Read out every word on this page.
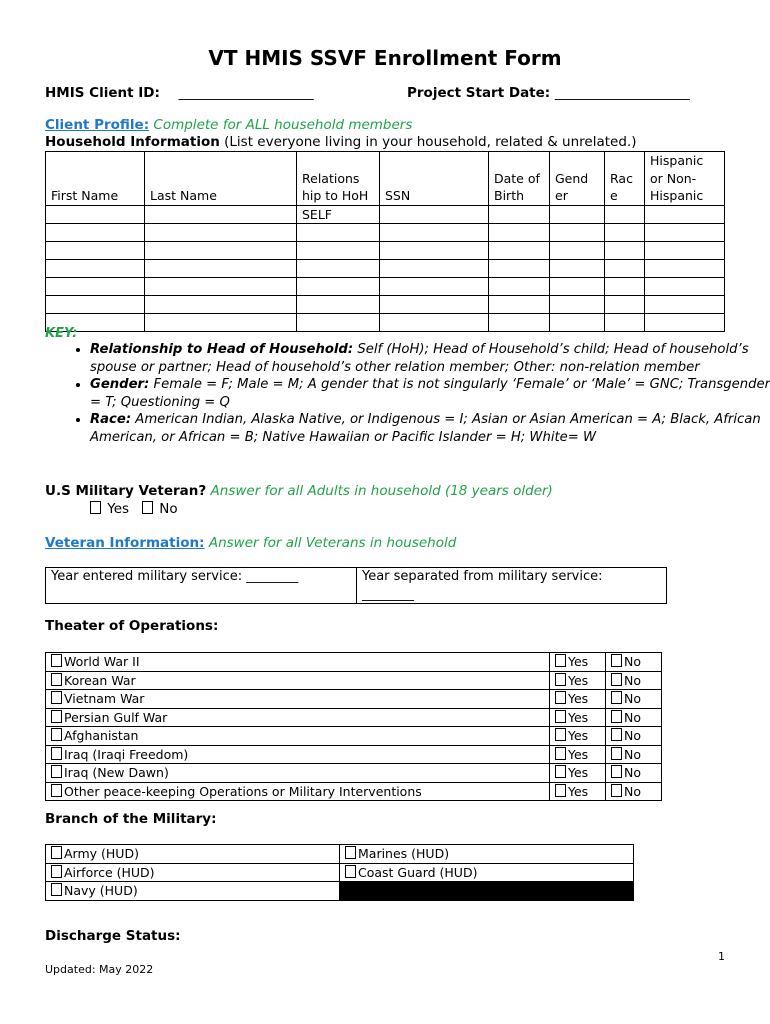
VT HMIS SSVF Enrollment Form
HMIS Client ID: ____________________	Project Start Date: ____________________
Client Profile: Complete for ALL household members
Household Information (List everyone living in your household, related & unrelated.)
First Name	Last Name	Relations hip to HoH	SSN	Date of Birth	Gend er	Rac e	Hispanic or Non-Hispanic
		SELF					

KEY:
• Relationship to Head of Household: Self (HoH); Head of Household’s child; Head of household’s spouse or partner; Head of household’s other relation member; Other: non-relation member
• Gender: Female = F; Male = M; A gender that is not singularly ‘Female’ or ‘Male’ = GNC; Transgender = T; Questioning = Q
• Race: American Indian, Alaska Native, or Indigenous = I; Asian or Asian American = A; Black, African American, or African = B; Native Hawaiian or Pacific Islander = H; White= W
U.S Military Veteran? Answer for all Adults in household (18 years older)
Yes No
Veteran Information: Answer for all Veterans in household
Year entered military service: ________	Year separated from military service:
________
Theater of Operations:
World War II	Yes	No
Korean War	Yes	No
Vietnam War	Yes	No
Persian Gulf War	Yes	No
Afghanistan	Yes	No
Iraq (Iraqi Freedom)	Yes	No
Iraq (New Dawn)	Yes	No
Other peace-keeping Operations or Military Interventions	Yes	No
Branch of the Military:
Army (HUD)	Marines (HUD)
Airforce (HUD)	Coast Guard (HUD)
Navy (HUD)	
Discharge Status:
1
Updated: May 2022
